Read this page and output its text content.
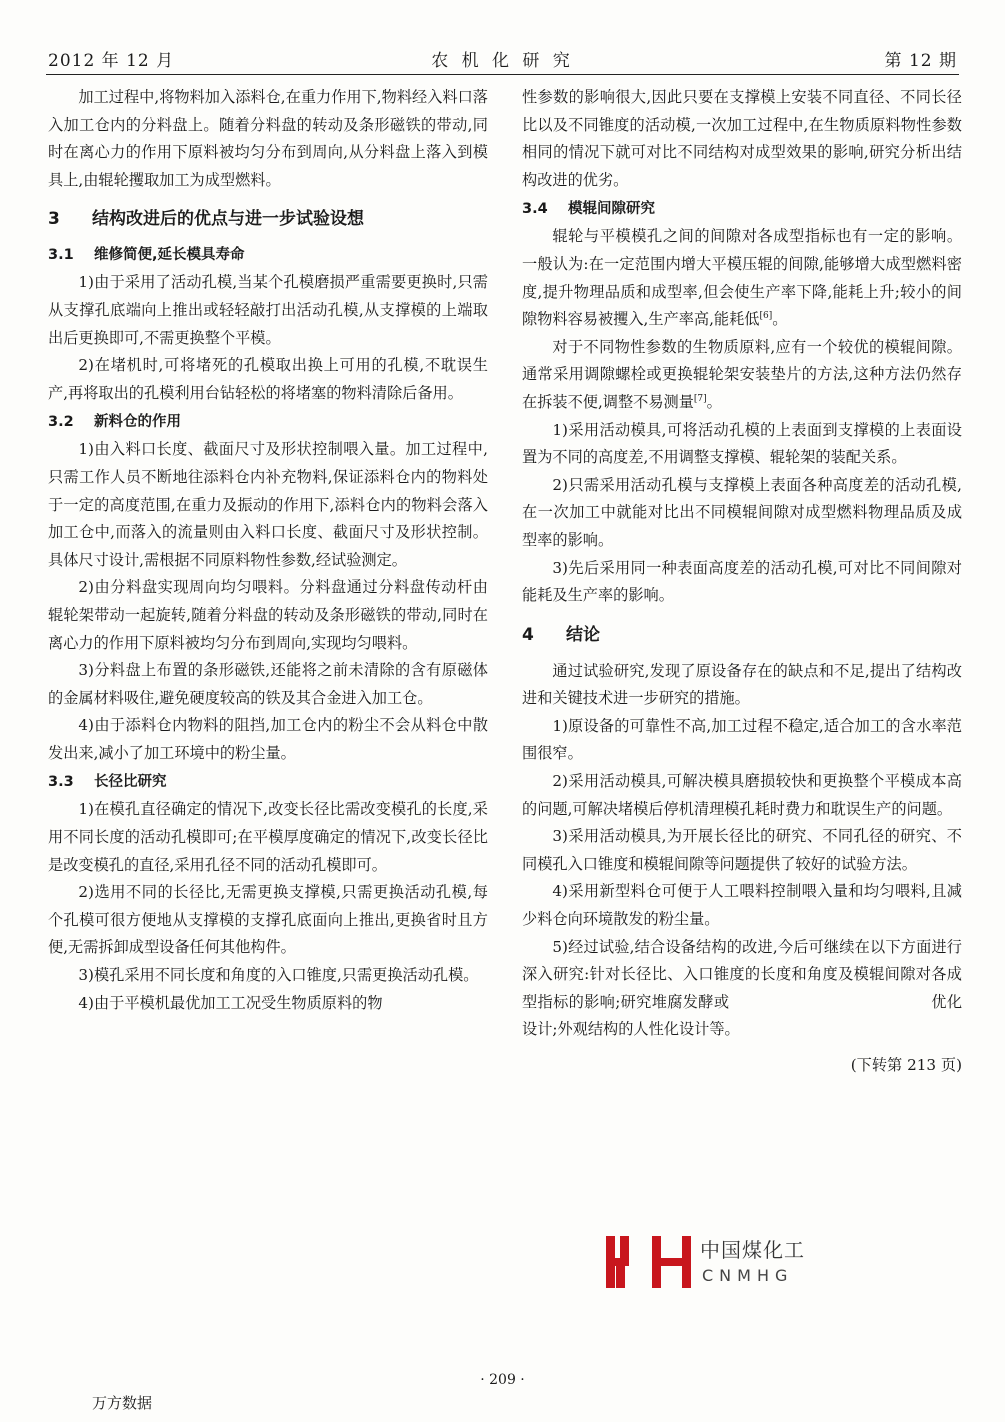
2012 年 12 月	农 机 化 研 究	第 12 期

加工过程中,将物料加入添料仓,在重力作用下,物料经入料口落入加工仓内的分料盘上。随着分料盘的转动及条形磁铁的带动,同时在离心力的作用下原料被均匀分布到周向,从分料盘上落入到模具上,由辊轮攫取加工为成型燃料。

3 结构改进后的优点与进一步试验设想
3.1 维修简便,延长模具寿命

1)由于采用了活动孔模,当某个孔模磨损严重需要更换时,只需从支撑孔底端向上推出或轻轻敲打出活动孔模,从支撑模的上端取出后更换即可,不需更换整个平模。

2)在堵机时,可将堵死的孔模取出换上可用的孔模,不耽误生产,再将取出的孔模利用台钻轻松的将堵塞的物料清除后备用。

3.2 新料仓的作用

1)由入料口长度、截面尺寸及形状控制喂入量。加工过程中,只需工作人员不断地往添料仓内补充物料,保证添料仓内的物料处于一定的高度范围,在重力及振动的作用下,添料仓内的物料会落入加工仓中,而落入的流量则由入料口长度、截面尺寸及形状控制。具体尺寸设计,需根据不同原料物性参数,经试验测定。

2)由分料盘实现周向均匀喂料。分料盘通过分料盘传动杆由辊轮架带动一起旋转,随着分料盘的转动及条形磁铁的带动,同时在离心力的作用下原料被均匀分布到周向,实现均匀喂料。

3)分料盘上布置的条形磁铁,还能将之前未清除的含有原磁体的金属材料吸住,避免硬度较高的铁及其合金进入加工仓。

4)由于添料仓内物料的阻挡,加工仓内的粉尘不会从料仓中散发出来,减小了加工环境中的粉尘量。

3.3 长径比研究

1)在模孔直径确定的情况下,改变长径比需改变模孔的长度,采用不同长度的活动孔模即可;在平模厚度确定的情况下,改变长径比是改变模孔的直径,采用孔径不同的活动孔模即可。

2)选用不同的长径比,无需更换支撑模,只需更换活动孔模,每个孔模可很方便地从支撑模的支撑孔底面向上推出,更换省时且方便,无需拆卸成型设备任何其他构件。

3)模孔采用不同长度和角度的入口锥度,只需更换活动孔模。

4)由于平模机最优加工工况受生物质原料的物

性参数的影响很大,因此只要在支撑模上安装不同直径、不同长径比以及不同锥度的活动模,一次加工过程中,在生物质原料物性参数相同的情况下就可对比不同结构对成型效果的影响,研究分析出结构改进的优劣。

3.4 模辊间隙研究

辊轮与平模模孔之间的间隙对各成型指标也有一定的影响。一般认为:在一定范围内增大平模压辊的间隙,能够增大成型燃料密度,提升物理品质和成型率,但会使生产率下降,能耗上升;较小的间隙物料容易被攫入,生产率高,能耗低[6]。

对于不同物性参数的生物质原料,应有一个较优的模辊间隙。通常采用调隙螺栓或更换辊轮架安装垫片的方法,这种方法仍然存在拆装不便,调整不易测量[7]。

1)采用活动模具,可将活动孔模的上表面到支撑模的上表面设置为不同的高度差,不用调整支撑模、辊轮架的装配关系。

2)只需采用活动孔模与支撑模上表面各种高度差的活动孔模,在一次加工中就能对比出不同模辊间隙对成型燃料物理品质及成型率的影响。

3)先后采用同一种表面高度差的活动孔模,可对比不同间隙对能耗及生产率的影响。

4 结论

通过试验研究,发现了原设备存在的缺点和不足,提出了结构改进和关键技术进一步研究的措施。

1)原设备的可靠性不高,加工过程不稳定,适合加工的含水率范围很窄。

2)采用活动模具,可解决模具磨损较快和更换整个平模成本高的问题,可解决堵模后停机清理模孔耗时费力和耽误生产的问题。

3)采用活动模具,为开展长径比的研究、不同孔径的研究、不同模孔入口锥度和模辊间隙等问题提供了较好的试验方法。

4)采用新型料仓可便于人工喂料控制喂入量和均匀喂料,且减少料仓向环境散发的粉尘量。

5)经过试验,结合设备结构的改进,今后可继续在以下方面进行深入研究:针对长径比、入口锥度的长度和角度及模辊间隙对各成型指标的影响;研究堆腐发酵或喂入量的调节和控制、传动系优化设计;外观结构的人性化设计等。

(下转第 213 页)

中国煤化工
CNMHG
· 209 ·
万方数据
